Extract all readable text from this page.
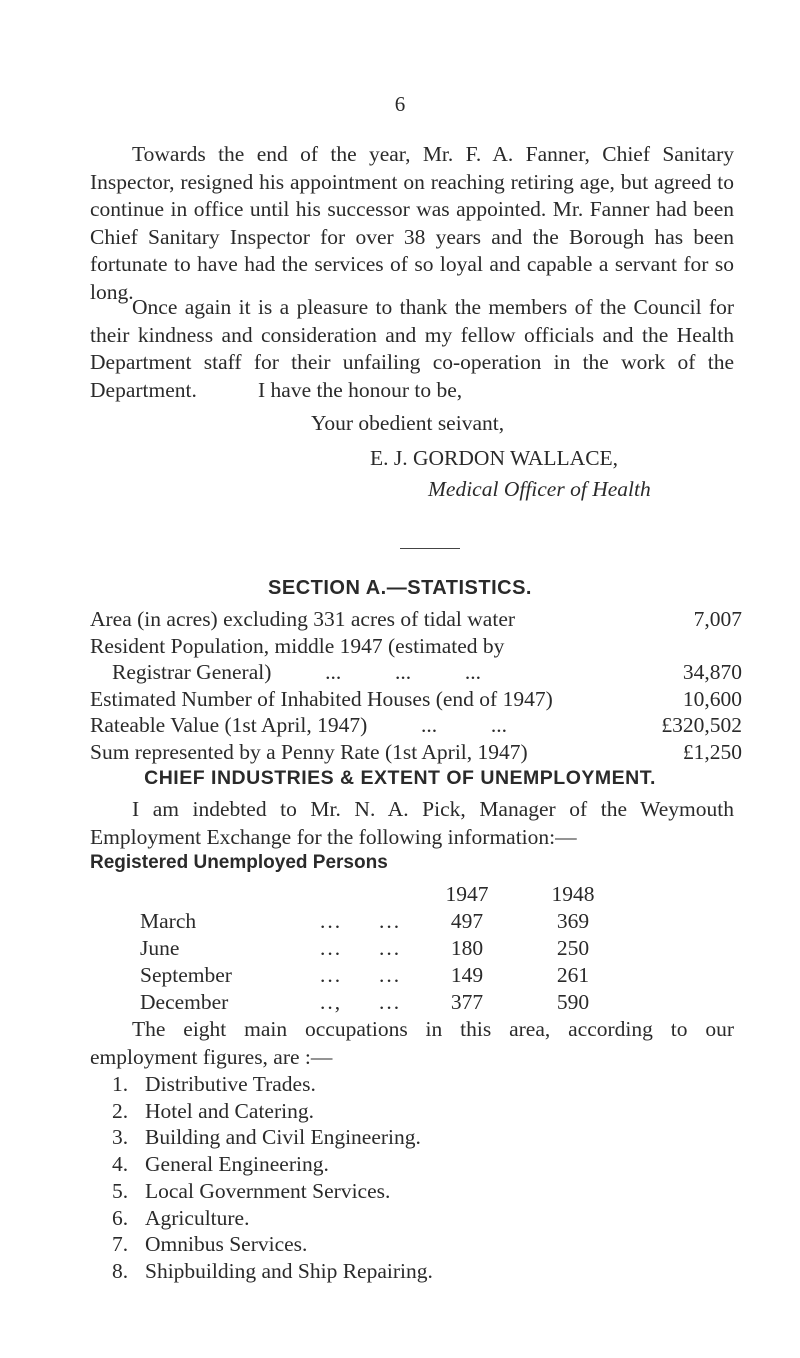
6
Towards the end of the year, Mr. F. A. Fanner, Chief Sanitary Inspector, resigned his appointment on reaching retiring age, but agreed to continue in office until his successor was appointed. Mr. Fanner had been Chief Sanitary Inspector for over 38 years and the Borough has been fortunate to have had the services of so loyal and capable a servant for so long.
Once again it is a pleasure to thank the members of the Council for their kindness and consideration and my fellow officials and the Health Department staff for their unfailing co-operation in the work of the Department.	I have the honour to be,
Your obedient seivant,
E. J. GORDON WALLACE,
Medical Officer of Health
SECTION A.—STATISTICS.
Area (in acres) excluding 331 acres of tidal water	7,007
Resident Population, middle 1947 (estimated by
Registrar General)          ...          ...          ...	34,870
Estimated Number of Inhabited Houses (end of 1947)	10,600
Rateable Value (1st April, 1947)          ...          ...	£320,502
Sum represented by a Penny Rate (1st April, 1947)	£1,250
CHIEF INDUSTRIES & EXTENT OF UNEMPLOYMENT.
I am indebted to Mr. N. A. Pick, Manager of the Weymouth Employment Exchange for the following information:—
Registered Unemployed Persons
1947	1948
March	...     ...	497	369
June	...     ...	180	250
September	...     ...	149	261
December	..,     ...	377	590
The eight main occupations in this area, according to our employment figures, are :—
1. Distributive Trades.
2. Hotel and Catering.
3. Building and Civil Engineering.
4. General Engineering.
5. Local Government Services.
6. Agriculture.
7. Omnibus Services.
8. Shipbuilding and Ship Repairing.
